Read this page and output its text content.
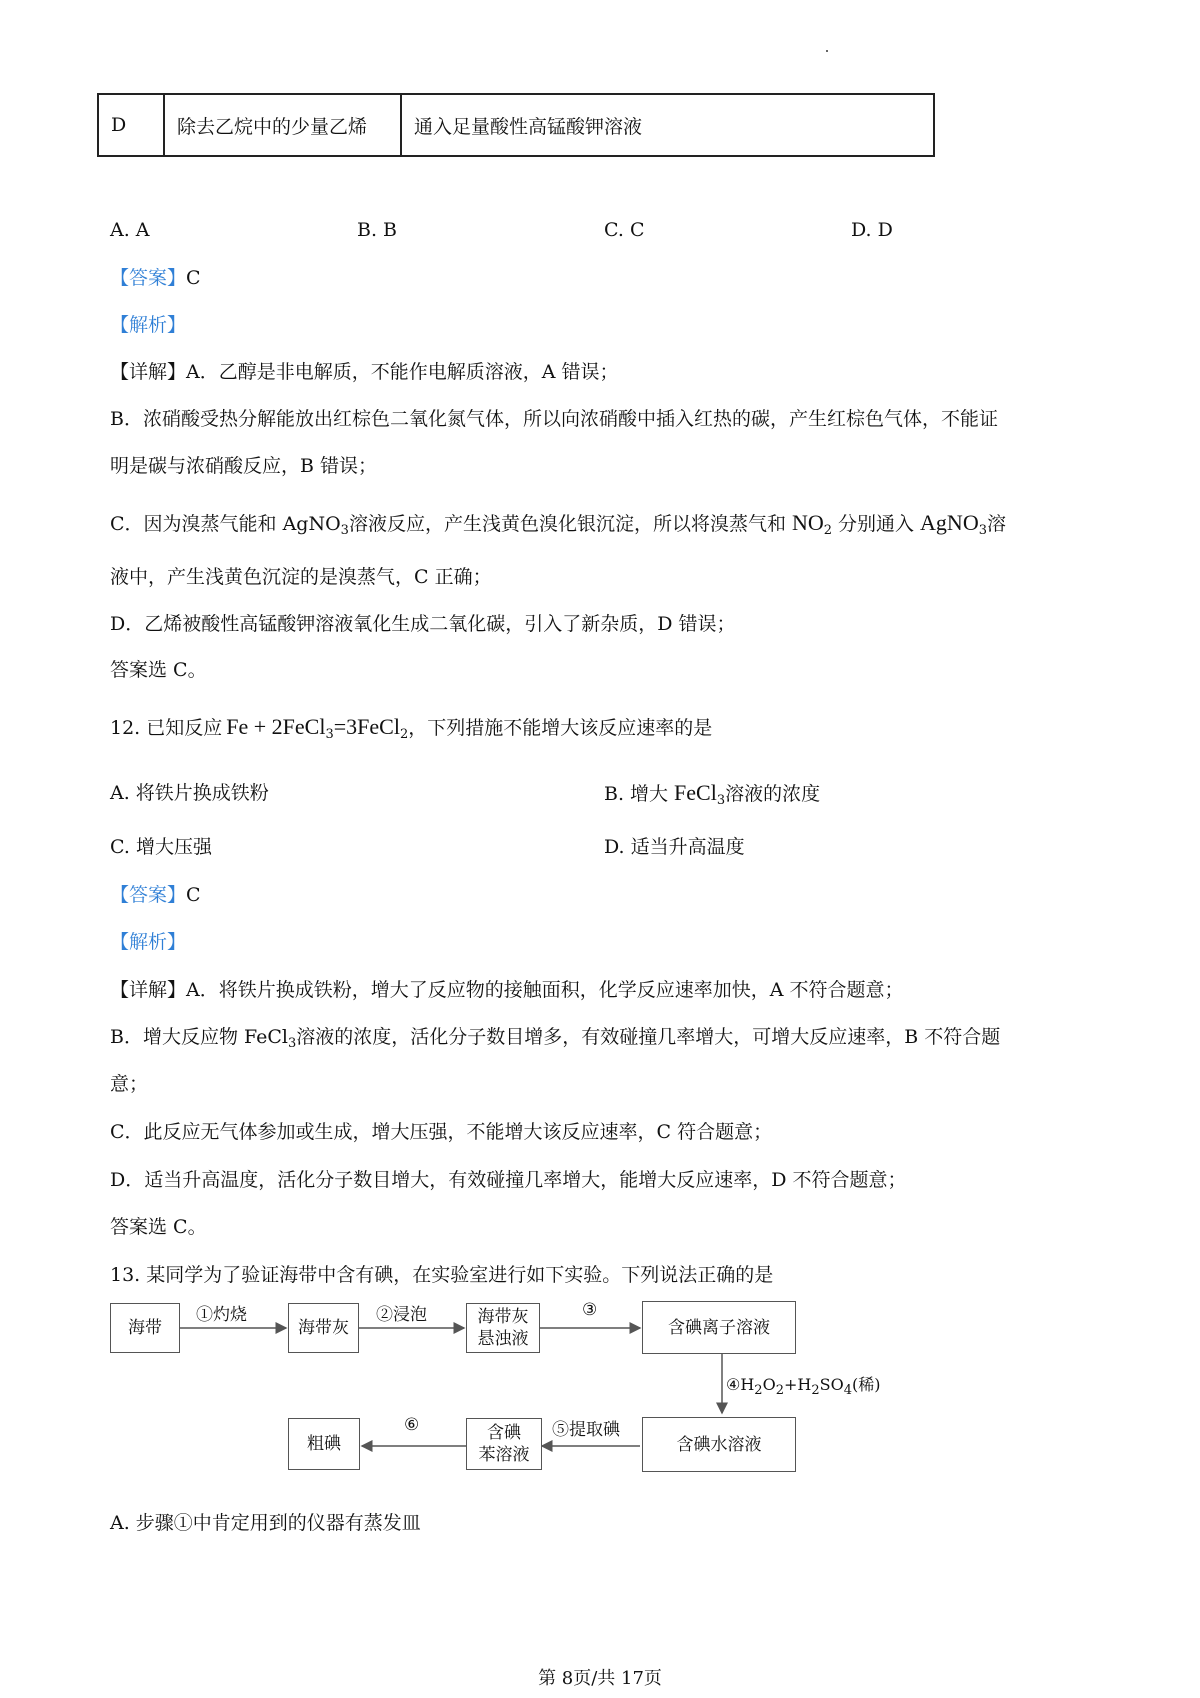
D	除去乙烷中的少量乙烯	通入足量酸性高锰酸钾溶液
A. A	B. B	C. C	D. D
【答案】C
【解析】
【详解】A．乙醇是非电解质，不能作电解质溶液，A 错误；
B．浓硝酸受热分解能放出红棕色二氧化氮气体，所以向浓硝酸中插入红热的碳，产生红棕色气体，不能证
明是碳与浓硝酸反应，B 错误；
C．因为溴蒸气能和 AgNO$_3$溶液反应，产生浅黄色溴化银沉淀，所以将溴蒸气和 $NO_2$ 分别通入 AgNO$_3$溶
液中，产生浅黄色沉淀的是溴蒸气，C 正确；
D．乙烯被酸性高锰酸钾溶液氧化生成二氧化碳，引入了新杂质，D 错误；
答案选 C。
12. 已知反应 Fe + 2FeCl$_3$=3FeCl$_2$，下列措施不能增大该反应速率的是
A. 将铁片换成铁粉	B. 增大 FeCl$_3$溶液的浓度
C. 增大压强	D. 适当升高温度
【答案】C
【解析】
【详解】A．将铁片换成铁粉，增大了反应物的接触面积，化学反应速率加快，A 不符合题意；
B．增大反应物 FeCl$_3$溶液的浓度，活化分子数目增多，有效碰撞几率增大，可增大反应速率，B 不符合题
意；
C．此反应无气体参加或生成，增大压强，不能增大该反应速率，C 符合题意；
D．适当升高温度，活化分子数目增大，有效碰撞几率增大，能增大反应速率，D 不符合题意；
答案选 C。
13. 某同学为了验证海带中含有碘，在实验室进行如下实验。下列说法正确的是
海带	海带灰
海带灰
悬浊液
含碘离子溶液
含碘水溶液
含碘
苯溶液
粗碘
①灼烧	②浸泡	③
$④H_2O_2+H_2SO_4$(稀)
⑤提取碘
⑥
A. 步骤①中肯定用到的仪器有蒸发皿
第 8页/共 17页
